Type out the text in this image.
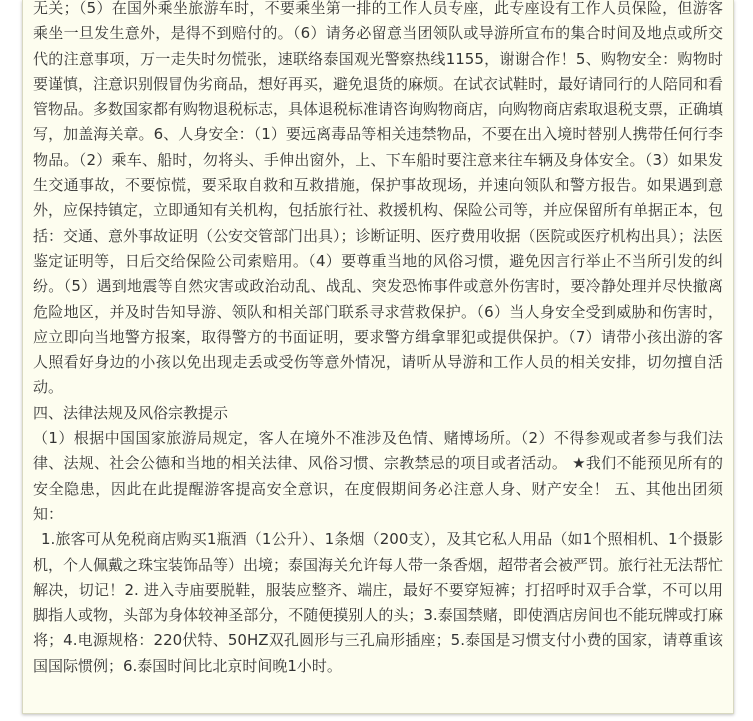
无关；（5）在国外乘坐旅游车时，不要乘坐第一排的工作人员专座，此专座设有工作人员保险，但游客乘坐一旦发生意外，是得不到赔付的。（6）请务必留意当团领队或导游所宣布的集合时间及地点或所交代的注意事项，万一走失时勿慌张，速联络泰国观光警察热线1155，谢谢合作！5、购物安全：购物时要谨慎，注意识别假冒伪劣商品，想好再买，避免退货的麻烦。在试衣试鞋时，最好请同行的人陪同和看管物品。多数国家都有购物退税标志，具体退税标准请咨询购物商店，向购物商店索取退税支票，正确填写，加盖海关章。6、人身安全：（1）要远离毒品等相关违禁物品，不要在出入境时替别人携带任何行李物品。（2）乘车、船时，勿将头、手伸出窗外，上、下车船时要注意来往车辆及身体安全。（3）如果发生交通事故，不要惊慌，要采取自救和互救措施，保护事故现场，并速向领队和警方报告。如果遇到意外，应保持镇定，立即通知有关机构，包括旅行社、救援机构、保险公司等，并应保留所有单据正本，包括：交通、意外事故证明（公安交管部门出具）；诊断证明、医疗费用收据（医院或医疗机构出具）；法医鉴定证明等，日后交给保险公司索赔用。（4）要尊重当地的风俗习惯，避免因言行举止不当所引发的纠纷。（5）遇到地震等自然灾害或政治动乱、战乱、突发恐怖事件或意外伤害时，要冷静处理并尽快撤离危险地区，并及时告知导游、领队和相关部门联系寻求营救保护。（6）当人身安全受到威胁和伤害时，应立即向当地警方报案，取得警方的书面证明，要求警方缉拿罪犯或提供保护。（7）请带小孩出游的客人照看好身边的小孩以免出现走丢或受伤等意外情况，请听从导游和工作人员的相关安排，切勿擅自活动。

四、法律法规及风俗宗教提示

（1）根据中国国家旅游局规定，客人在境外不准涉及色情、赌博场所。（2）不得参观或者参与我们法律、法规、社会公德和当地的相关法律、风俗习惯、宗教禁忌的项目或者活动。 ★我们不能预见所有的安全隐患，因此在此提醒游客提高安全意识，在度假期间务必注意人身、财产安全！ 五、其他出团须知：

1.旅客可从免税商店购买1瓶酒（1公升）、1条烟（200支），及其它私人用品（如1个照相机、1个摄影机，个人佩戴之珠宝装饰品等）出境；泰国海关允许每人带一条香烟，超带者会被严罚。旅行社无法帮忙解决，切记！2. 进入寺庙要脱鞋，服装应整齐、端庄，最好不要穿短裤；打招呼时双手合掌，不可以用脚指人或物，头部为身体较神圣部分，不随便摸别人的头；3.泰国禁赌，即使酒店房间也不能玩牌或打麻将；4.电源规格：220伏特、50HZ双孔圆形与三孔扁形插座；5.泰国是习惯支付小费的国家，请尊重该国国际惯例；6.泰国时间比北京时间晚1小时。
